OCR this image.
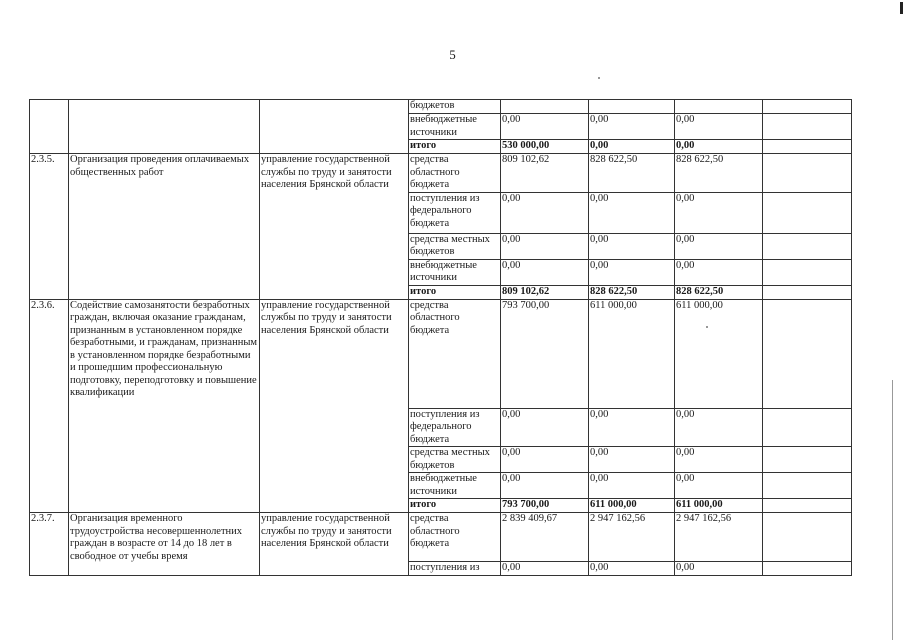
5
			бюджетов				
			внебюджетные источники	0,00	0,00	0,00	
			итого	530 000,00	0,00	0,00	
2.3.5.	Организация проведения оплачиваемых общественных работ	управление государственной службы по труду и занятости населения Брянской области	средства областного бюджета	809 102,62	828 622,50	828 622,50	
			поступления из федерального бюджета	0,00	0,00	0,00	
			средства местных бюджетов	0,00	0,00	0,00	
			внебюджетные источники	0,00	0,00	0,00	
			итого	809 102,62	828 622,50	828 622,50	
2.3.6.	Содействие самозанятости безработных граждан, включая оказание гражданам, признанным в установленном порядке безработными, и гражданам, признанным в установленном порядке безработными и прошедшим профессиональную подготовку, переподготовку и повышение квалификации	управление государственной службы по труду и занятости населения Брянской области	средства областного бюджета	793 700,00	611 000,00	611 000,00	
			поступления из федерального бюджета	0,00	0,00	0,00	
			средства местных бюджетов	0,00	0,00	0,00	
			внебюджетные источники	0,00	0,00	0,00	
			итого	793 700,00	611 000,00	611 000,00	
2.3.7.	Организация временного трудоустройства несовершеннолетних граждан в возрасте от 14 до 18 лет в свободное от учебы время	управление государственной службы по труду и занятости населения Брянской области	средства областного бюджета	2 839 409,67	2 947 162,56	2 947 162,56	
			поступления из	0,00	0,00	0,00	
